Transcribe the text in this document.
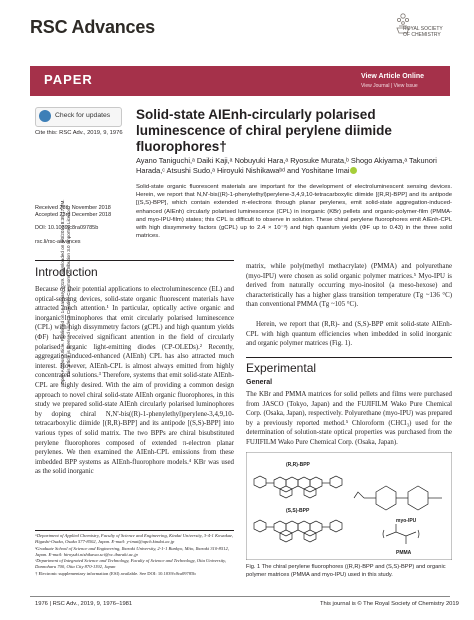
RSC Advances	ROYAL SOCIETY
OF CHEMISTRY
PAPER	View Article Online
View Journal | View Issue
Open Access Article. Published on 14 January 2019. Downloaded on 4/3/2019 8:39:17 PM. This article is licensed under a Creative Commons Attribution 3.0 Unported Licence.
Check for updates
Cite this: RSC Adv., 2019, 9, 1976
Solid-state AIEnh-circularly polarised luminescence of chiral perylene diimide fluorophores†
Ayano Taniguchi,ᵃ Daiki Kaji,ᵃ Nobuyuki Hara,ᵃ Ryosuke Murata,ᵇ Shogo Akiyama,ᵃ Takunori Harada,ᶜ Atsushi Sudo,ᵃ Hiroyuki Nishikawaᵇᵈ and Yoshitane Imai
Solid-state organic fluorescent materials are important for the development of electroluminescent sensing devices. Herein, we report that N,N'-bis((R)-1-phenylethyl)perylene-3,4,9,10-tetracarboxylic diimide [(R,R)-BPP] and its antipode [(S,S)-BPP], which contain extended π-electrons through planar perylenes, emit solid-state aggregation-induced-enhanced (AIEnh) circularly polarised luminescence (CPL) in inorganic (KBr) pellets and organic-polymer-film (PMMA- and myo-IPU-film) states; this CPL is difficult to observe in solution. These chiral perylene fluorophores emit AIEnh-CPL with high dissymmetry factors (gCPL) up to 2.4 × 10⁻³) and high quantum yields (ΦF up to 0.43) in the three solid matrices.
Received 28th November 2018
Accepted 23rd December 2018
DOI: 10.1039/c8ra09785b
rsc.li/rsc-advances
Introduction
Because of their potential applications to electroluminescence (EL) and optical-sensing devices, solid-state organic fluorescent materials have attracted much attention.¹ In particular, optically active organic and inorganic luminophores that emit circularly polarised luminescence (CPL) with high dissymmetry factors (gCPL) and high quantum yields (ΦF) have received significant attention in the field of circularly polarised organic light-emitting diodes (CP-OLEDs).² Recently, aggregation-induced-enhanced (AIEnh) CPL has also attracted much interest. However, AIEnh-CPL is almost always emitted from highly concentrated solutions.³ Therefore, systems that emit solid-state AIEnh-CPL are highly desired. With the aim of providing a common design approach to novel chiral solid-state AIEnh organic fluorophores, in this study we prepared solid-state AIEnh circularly polarised luminophores by doping chiral N,N'-bis((R)-1-phenylethyl)perylene-3,4,9,10-tetracarboxylic diimide [(R,R)-BPP] and its antipode [(S,S)-BPP] into various types of solid matrix. The two BPPs are chiral bisubstituted perylene fluorophores composed of extended π-electron planar perylenes. We then examined the AIEnh-CPL emissions from these imbedded BPP systems as AIEnh-fluorophore models.⁴ KBr was used as the solid inorganic
matrix, while poly(methyl methacrylate) (PMMA) and polyurethane (myo-IPU) were chosen as solid organic polymer matrices.⁵ Myo-IPU is derived from naturally occurring myo-inositol (a meso-hexose) and characteristically has a higher glass transition temperature (Tg ~136 °C) than conventional PMMA (Tg ~105 °C).
Herein, we report that (R,R)- and (S,S)-BPP emit solid-state AIEnh-CPL with high quantum efficiencies when imbedded in solid inorganic and organic polymer matrices (Fig. 1).
Experimental
General
The KBr and PMMA matrices for solid pellets and films were purchased from JASCO (Tokyo, Japan) and the FUJIFILM Wako Pure Chemical Corp. (Osaka, Japan), respectively. Polyurethane (myo-IPU) was prepared by a previously reported method.⁵ Chloroform (CHCl₃) used for the determination of solution-state optical properties was purchased from the FUJIFILM Wako Pure Chemical Corp. (Osaka, Japan).
(R,R)-BPP
(S,S)-BPP
myo-IPU
PMMA
Fig. 1 The chiral perylene fluorophores ((R,R)-BPP and (S,S)-BPP) and organic polymer matrices (PMMA and myo-IPU) used in this study.
ᵃDepartment of Applied Chemistry, Faculty of Science and Engineering, Kindai University, 3-4-1 Kowakae, Higashi-Osaka, Osaka 577-8502, Japan. E-mail: y-imai@apch.kindai.ac.jp
ᵇGraduate School of Science and Engineering, Ibaraki University, 2-1-1 Bunkyo, Mito, Ibaraki 310-8512, Japan. E-mail: hiroyuki.nishikawa.sci@vc.ibaraki.ac.jp
ᶜDepartment of Integrated Science and Technology, Faculty of Science and Technology, Oita University, Dannoharu 700, Oita City 870-1192, Japan
† Electronic supplementary information (ESI) available. See DOI: 10.1039/c8ra09785b
1976 | RSC Adv., 2019, 9, 1976–1981	This journal is © The Royal Society of Chemistry 2019
